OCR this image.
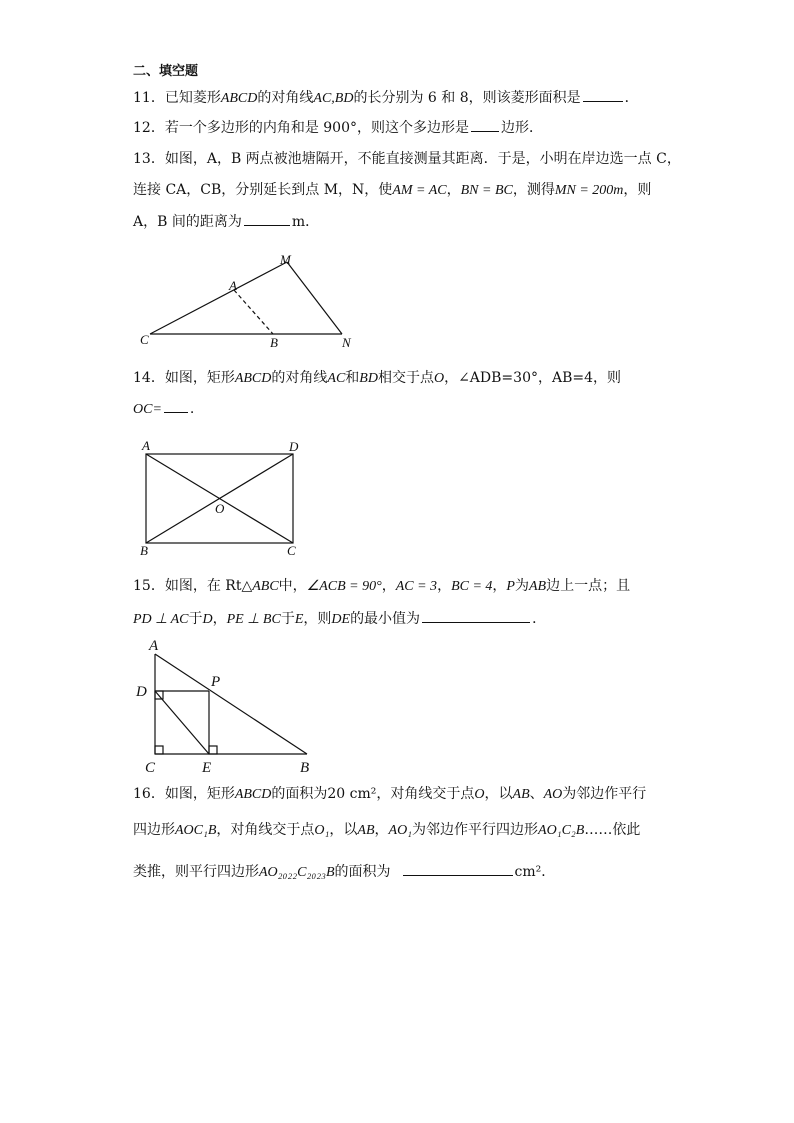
二、填空题
11．已知菱形ABCD的对角线AC,BD的长分别为 6 和 8，则该菱形面积是	．
12．若一个多边形的内角和是 900°，则这个多边形是 边形．
13．如图，A，B 两点被池塘隔开，不能直接测量其距离．于是，小明在岸边选一点 C，
连接 CA，CB，分别延长到点 M，N，使AM = AC，BN = BC，测得MN = 200m，则
A，B 间的距离为	m．
M
A
C	B	N
14．如图，矩形ABCD的对角线AC和BD相交于点O，∠ADB=30°，AB=4，则
OC= .
A	D
O
B	C
15．如图，在 Rt△ABC中，∠ACB = 90°，AC = 3，BC = 4，P为AB边上一点；且
PD ⊥ AC于D，PE ⊥ BC于E，则DE的最小值为	．
A
D
P
C	E	B
16．如图，矩形ABCD的面积为20 cm²，对角线交于点O，以AB、AO为邻边作平行
四边形AOC₁B，对角线交于点O₁，以AB，AO₁为邻边作平行四边形AO₁C₂B……依此
类推，则平行四边形AO₂₀₂₂C₂₀₂₃B的面积为	cm²．
